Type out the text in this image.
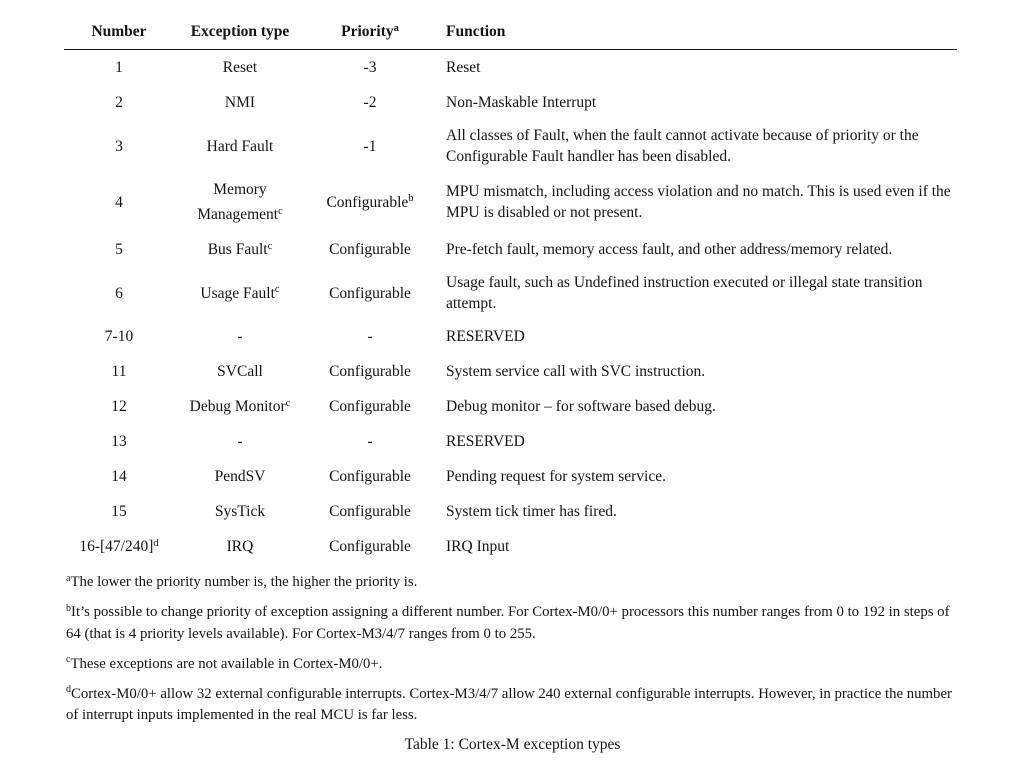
Number	Exception type	Priority$^a$	Function
1	Reset	-3	Reset
2	NMI	-2	Non-Maskable Interrupt
3	Hard Fault	-1	All classes of Fault, when the fault cannot activate because of priority or the Configurable Fault handler has been disabled.
4	Memory Management$^c$	Configurable$^b$	MPU mismatch, including access violation and no match. This is used even if the MPU is disabled or not present.
5	Bus Fault$^c$	Configurable	Pre-fetch fault, memory access fault, and other address/memory related.
6	Usage Fault$^c$	Configurable	Usage fault, such as Undefined instruction executed or illegal state transition attempt.
7-10	-	-	RESERVED
11	SVCall	Configurable	System service call with SVC instruction.
12	Debug Monitor$^c$	Configurable	Debug monitor – for software based debug.
13	-	-	RESERVED
14	PendSV	Configurable	Pending request for system service.
15	SysTick	Configurable	System tick timer has fired.
$16-[47/240]^d$	IRQ	Configurable	IRQ Input
$^a$The lower the priority number is, the higher the priority is.
$^b$It’s possible to change priority of exception assigning a different number. For Cortex-M0/0+ processors this number ranges from 0 to 192 in steps of 64 (that is 4 priority levels available). For Cortex-M3/4/7 ranges from 0 to 255.
$^c$These exceptions are not available in Cortex-M0/0+.
$^d$Cortex-M0/0+ allow 32 external configurable interrupts. Cortex-M3/4/7 allow 240 external configurable interrupts. However, in practice the number of interrupt inputs implemented in the real MCU is far less.
Table 1: Cortex-M exception types
